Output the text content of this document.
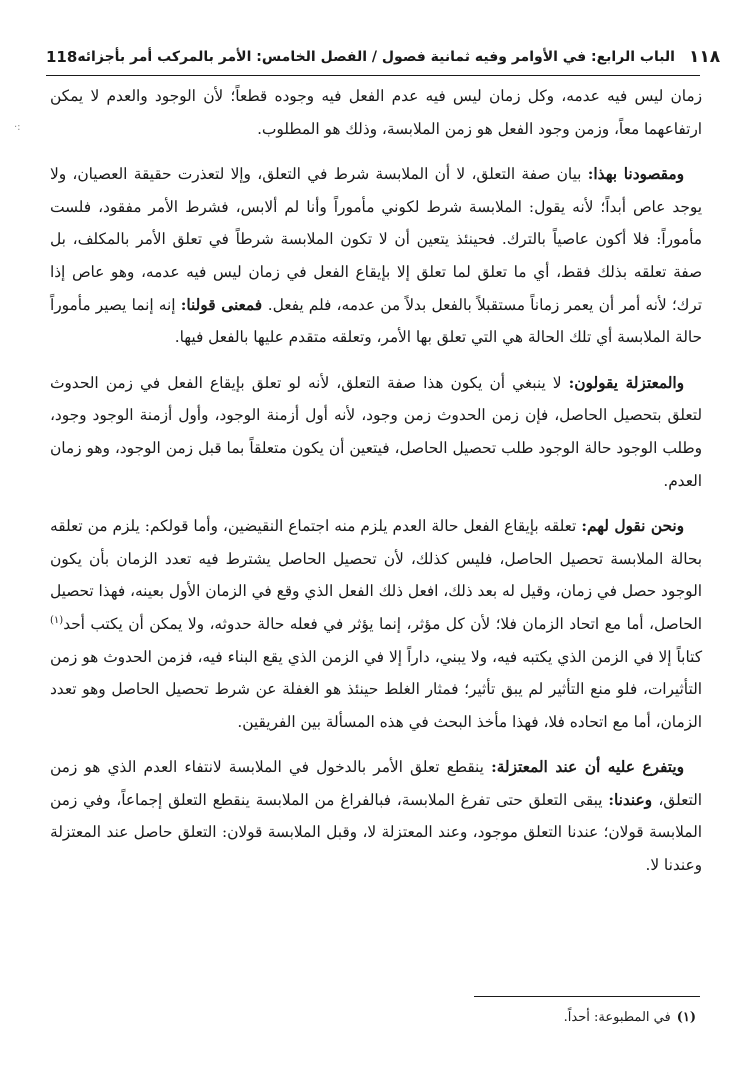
118 الباب الرابع: في الأوامر وفيه ثمانية فصول / الفصل الخامس: الأمر بالمركب أمر بأجزائه ١١٨
·:

زمان ليس فيه عدمه، وكل زمان ليس فيه عدم الفعل فيه وجوده قطعاً؛ لأن الوجود والعدم لا يمكن ارتفاعهما معاً، وزمن وجود الفعل هو زمن الملابسة، وذلك هو المطلوب.

ومقصودنا بهذا: بيان صفة التعلق، لا أن الملابسة شرط في التعلق، وإلا لتعذرت حقيقة العصيان، ولا يوجد عاص أبداً؛ لأنه يقول: الملابسة شرط لكوني مأموراً وأنا لم ألابس، فشرط الأمر مفقود، فلست مأموراً: فلا أكون عاصياً بالترك. فحينئذ يتعين أن لا تكون الملابسة شرطاً في تعلق الأمر بالمكلف، بل صفة تعلقه بذلك فقط، أي ما تعلق لما تعلق إلا بإيقاع الفعل في زمان ليس فيه عدمه، وهو عاص إذا ترك؛ لأنه أمر أن يعمر زماناً مستقبلاً بالفعل بدلاً من عدمه، فلم يفعل. فمعنى قولنا: إنه إنما يصير مأموراً حالة الملابسة أي تلك الحالة هي التي تعلق بها الأمر، وتعلقه متقدم عليها بالفعل فيها.

والمعتزلة يقولون: لا ينبغي أن يكون هذا صفة التعلق، لأنه لو تعلق بإيقاع الفعل في زمن الحدوث لتعلق بتحصيل الحاصل، فإن زمن الحدوث زمن وجود، لأنه أول أزمنة الوجود، وأول أزمنة الوجود وجود، وطلب الوجود حالة الوجود طلب تحصيل الحاصل، فيتعين أن يكون متعلقاً بما قبل زمن الوجود، وهو زمان العدم.

ونحن نقول لهم: تعلقه بإيقاع الفعل حالة العدم يلزم منه اجتماع النقيضين، وأما قولكم: يلزم من تعلقه بحالة الملابسة تحصيل الحاصل، فليس كذلك، لأن تحصيل الحاصل يشترط فيه تعدد الزمان بأن يكون الوجود حصل في زمان، وقيل له بعد ذلك، افعل ذلك الفعل الذي وقع في الزمان الأول بعينه، فهذا تحصيل الحاصل، أما مع اتحاد الزمان فلا؛ لأن كل مؤثر، إنما يؤثر في فعله حالة حدوثه، ولا يمكن أن يكتب أحد$^{(١)}$ كتاباً إلا في الزمن الذي يكتبه فيه، ولا يبني، داراً إلا في الزمن الذي يقع البناء فيه، فزمن الحدوث هو زمن التأثيرات، فلو منع التأثير لم يبق تأثير؛ فمثار الغلط حينئذ هو الغفلة عن شرط تحصيل الحاصل وهو تعدد الزمان، أما مع اتحاده فلا، فهذا مأخذ البحث في هذه المسألة بين الفريقين.

ويتفرع عليه أن عند المعتزلة: ينقطع تعلق الأمر بالدخول في الملابسة لانتفاء العدم الذي هو زمن التعلق، وعندنا: يبقى التعلق حتى تفرغ الملابسة، فبالفراغ من الملابسة ينقطع التعلق إجماعاً، وفي زمن الملابسة قولان؛ عندنا التعلق موجود، وعند المعتزلة لا، وقبل الملابسة قولان: التعلق حاصل عند المعتزلة وعندنا لا.

(١)في المطبوعة: أحداً.
